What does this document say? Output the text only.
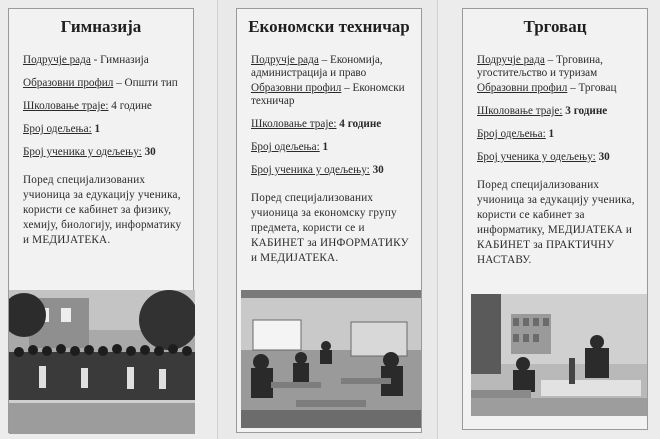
Гимназија
Подручје рада - Гимназија
Образовни профил – Општи тип
Школовање траје: 4 године
Број одељења: 1
Број ученика у одељењу: 30
Поред специјализованих учионица за едукацију ученика, користи се кабинет за физику, хемију, биологију, информатику и МЕДИЈАТЕКА.
Економски техничар
Подручје рада – Економија, администрација и право
Образовни профил – Економски техничар
Школовање траје: 4 године
Број одељења: 1
Број ученика у одељењу: 30
Поред специјализованих учионица за економску групу предмета, користи се и КАБИНЕТ за ИНФОРМАТИКУ и МЕДИЈАТЕКА.
Трговац
Подручје рада – Трговина, угоститељство и туризам
Образовни профил – Трговац
Школовање траје: 3 године
Број одељења: 1
Број ученика у одељењу: 30
Поред специјализованих учионица за едукацију ученика, користи се кабинет за информатику, МЕДИЈАТЕКА и КАБИНЕТ за ПРАКТИЧНУ НАСТАВУ.
